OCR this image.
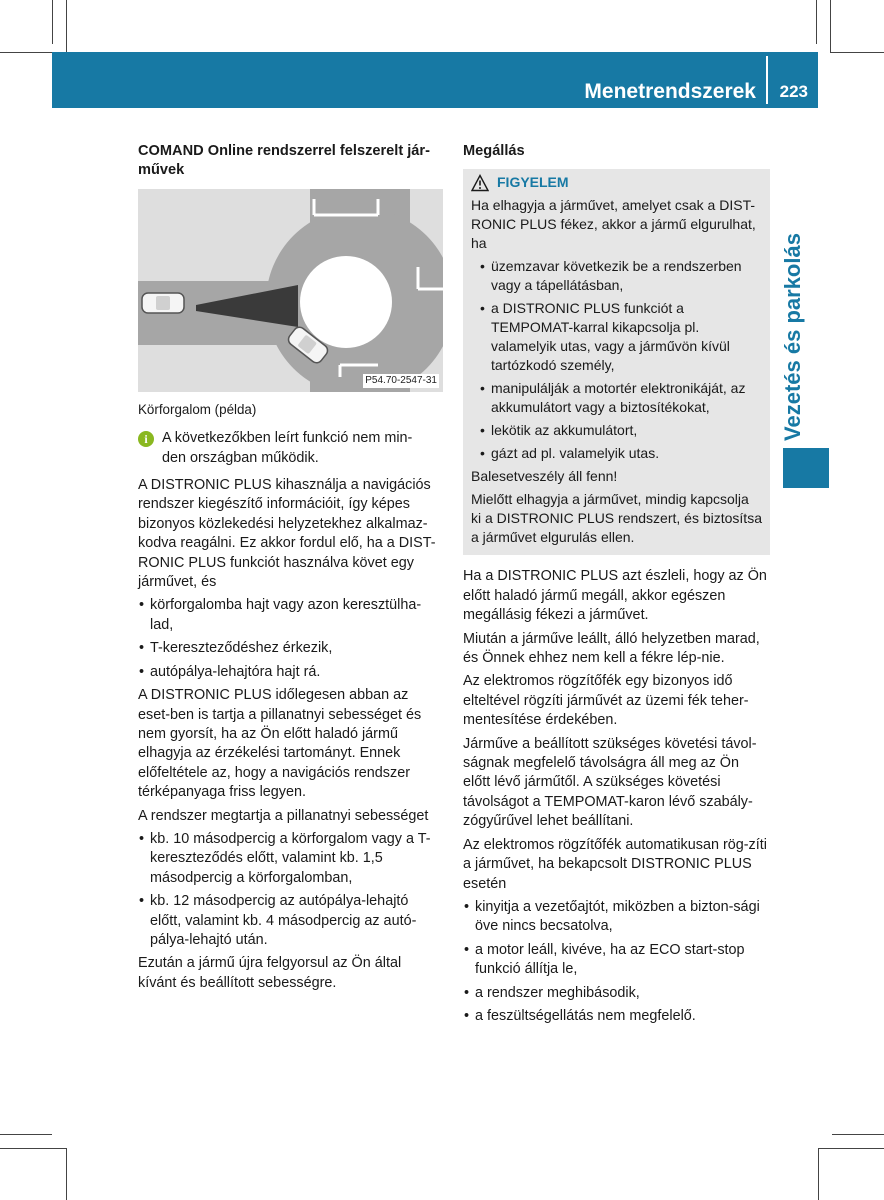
Menetrendszerek 223
Vezetés és parkolás

COMAND Online rendszerrel felszerelt jár-
művek

P54.70-2547-31

Körforgalom (példa)

i A következőkben leírt funkció nem min-
den országban működik.

A DISTRONIC PLUS kihasználja a navigációs rendszer kiegészítő információit, így képes bizonyos közlekedési helyzetekhez alkalmaz-kodva reagálni. Ez akkor fordul elő, ha a DIST-RONIC PLUS funkciót használva követ egy járművet, és

• körforgalomba hajt vagy azon keresztülha-lad,
• T-kereszteződéshez érkezik,
• autópálya-lehajtóra hajt rá.

A DISTRONIC PLUS időlegesen abban az eset-ben is tartja a pillanatnyi sebességet és nem gyorsít, ha az Ön előtt haladó jármű elhagyja az érzékelési tartományt. Ennek előfeltétele az, hogy a navigációs rendszer térképanyaga friss legyen.

A rendszer megtartja a pillanatnyi sebességet

• kb. 10 másodpercig a körforgalom vagy a T-kereszteződés előtt, valamint kb. 1,5 másodpercig a körforgalomban,
• kb. 12 másodpercig az autópálya-lehajtó előtt, valamint kb. 4 másodpercig az autó-pálya-lehajtó után.

Ezután a jármű újra felgyorsul az Ön által kívánt és beállított sebességre.

Megállás

FIGYELEM

Ha elhagyja a járművet, amelyet csak a DIST-RONIC PLUS fékez, akkor a jármű elgurulhat, ha

• üzemzavar következik be a rendszerben vagy a tápellátásban,
• a DISTRONIC PLUS funkciót a TEMPOMAT-karral kikapcsolja pl. valamelyik utas, vagy a járművön kívül tartózkodó személy,
• manipulálják a motortér elektronikáját, az akkumulátort vagy a biztosítékokat,
• lekötik az akkumulátort,
• gázt ad pl. valamelyik utas.

Balesetveszély áll fenn!

Mielőtt elhagyja a járművet, mindig kapcsolja ki a DISTRONIC PLUS rendszert, és biztosítsa a járművet elgurulás ellen.

Ha a DISTRONIC PLUS azt észleli, hogy az Ön előtt haladó jármű megáll, akkor egészen megállásig fékezi a járművet.

Miután a járműve leállt, álló helyzetben marad, és Önnek ehhez nem kell a fékre lép-nie.

Az elektromos rögzítőfék egy bizonyos idő elteltével rögzíti járművét az üzemi fék teher-mentesítése érdekében.

Járműve a beállított szükséges követési távol-ságnak megfelelő távolságra áll meg az Ön előtt lévő járműtől. A szükséges követési távolságot a TEMPOMAT-karon lévő szabály-zógyűrűvel lehet beállítani.

Az elektromos rögzítőfék automatikusan rög-zíti a járművet, ha bekapcsolt DISTRONIC PLUS esetén

• kinyitja a vezetőajtót, miközben a bizton-sági öve nincs becsatolva,
• a motor leáll, kivéve, ha az ECO start-stop funkció állítja le,
• a rendszer meghibásodik,
• a feszültségellátás nem megfelelő.
